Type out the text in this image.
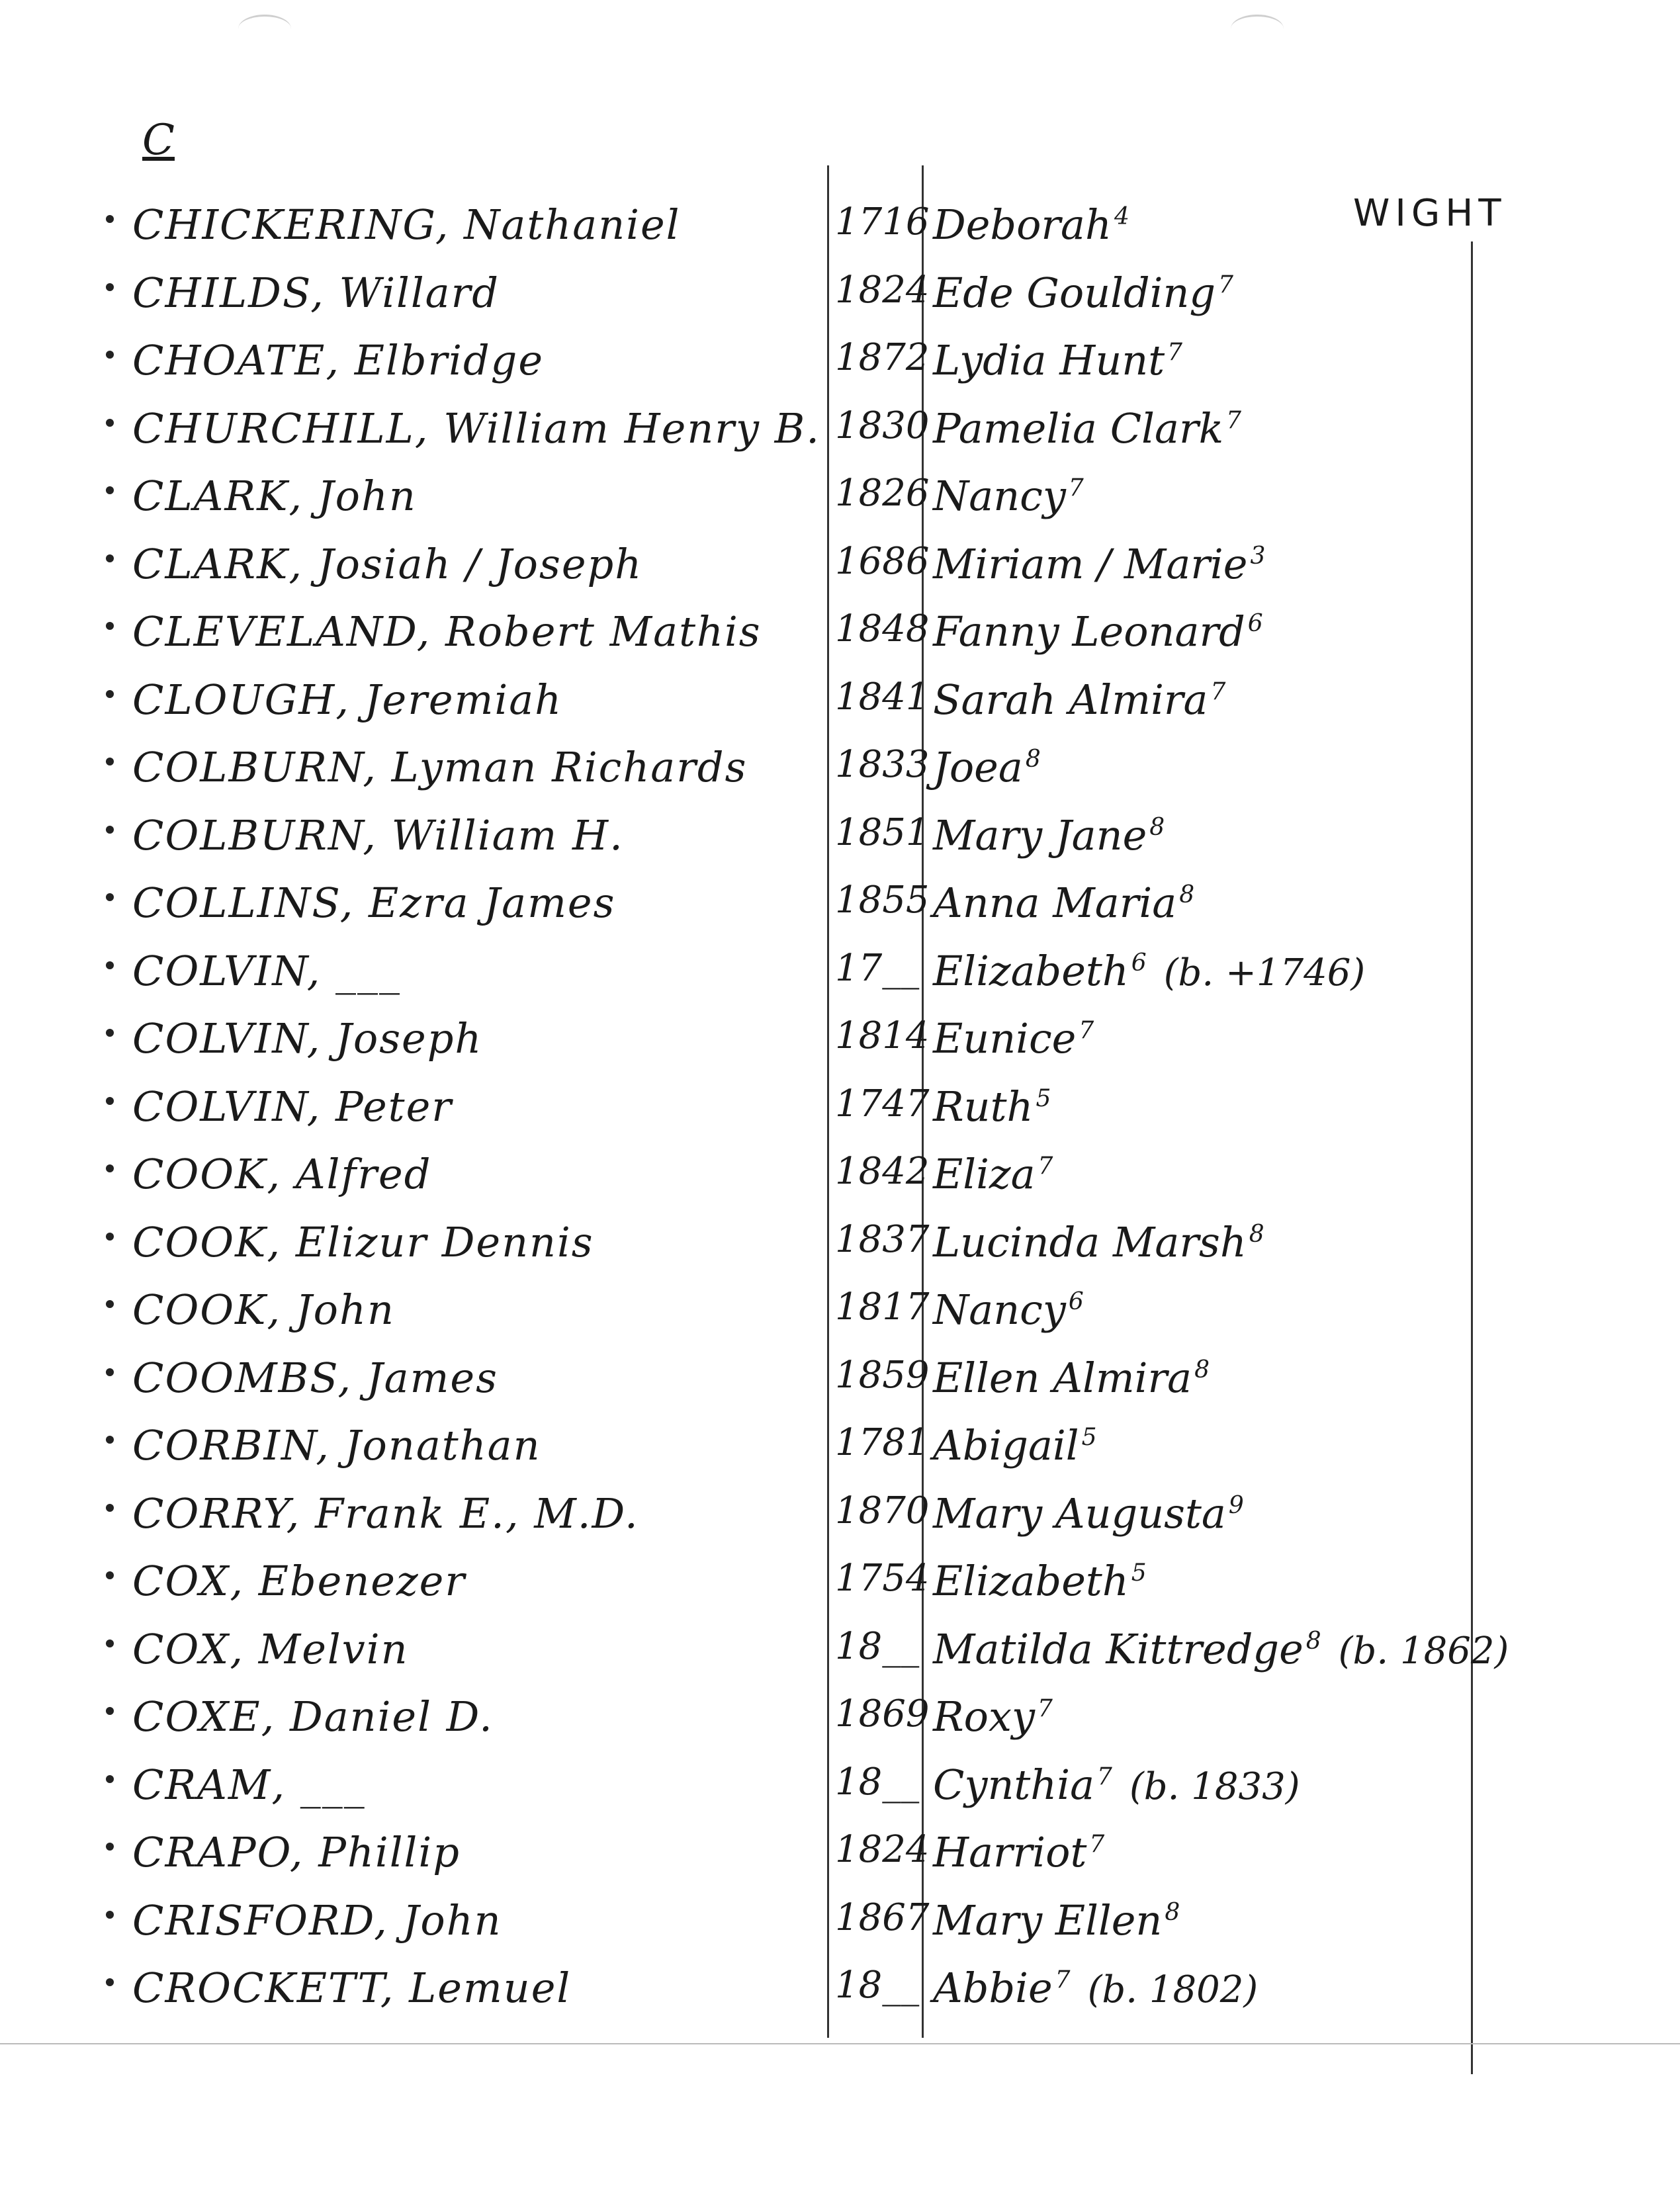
C
WIGHT
CHICKERING, Nathaniel	1716 Deborah $^4$
CHILDS, Willard	1824 Ede Goulding $^7$
CHOATE, Elbridge	1872 Lydia Hunt $^7$
CHURCHILL, William Henry B. 1830 Pamelia Clark $^7$
CLARK, John	1826 Nancy $^7$
CLARK, Josiah / Joseph	1686 Miriam / Marie $^3$
CLEVELAND, Robert Mathis 1848 Fanny Leonard $^6$
CLOUGH, Jeremiah	1841 Sarah Almira $^7$
COLBURN, Lyman Richards 1833 Joea $^8$
COLBURN, William H.	1851 Mary Jane $^8$
COLLINS, Ezra James	1855 Anna Maria $^8$
COLVIN, ___	17__ Elizabeth $^6$ (b. +1746)
COLVIN, Joseph	1814 Eunice $^7$
COLVIN, Peter	1747 Ruth $^5$
COOK, Alfred	1842 Eliza $^7$
COOK, Elizur Dennis	1837 Lucinda Marsh $^8$
COOK, John	1817 Nancy $^6$
COOMBS, James	1859 Ellen Almira $^8$
CORBIN, Jonathan	1781 Abigail $^5$
CORRY, Frank E., M.D.	1870 Mary Augusta $^9$
COX, Ebenezer	1754 Elizabeth $^5$
COX, Melvin	18__ Matilda Kittredge $^8$ (b. 1862)
COXE, Daniel D.	1869 Roxy $^7$
CRAM, ___	18__ Cynthia $^7$ (b. 1833)
CRAPO, Phillip	1824 Harriot $^7$
CRISFORD, John	1867 Mary Ellen $^8$
CROCKETT, Lemuel	18__ Abbie $^7$ (b. 1802)
